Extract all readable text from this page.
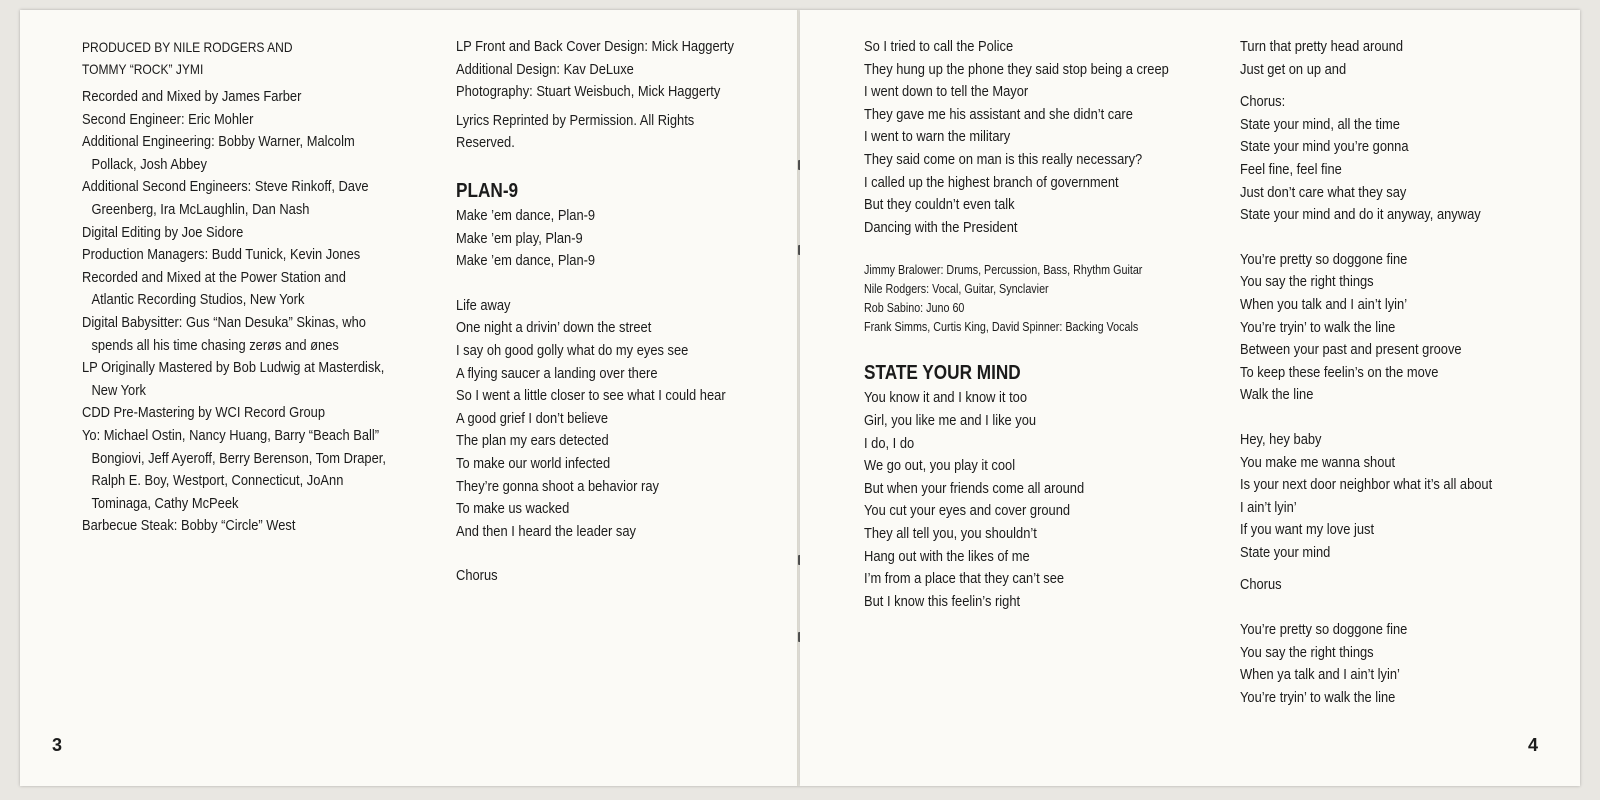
PRODUCED BY NILE RODGERS AND

TOMMY “ROCK” JYMI

Recorded and Mixed by James Farber

Second Engineer: Eric Mohler

Additional Engineering: Bobby Warner, Malcolm Pollack, Josh Abbey

Additional Second Engineers: Steve Rinkoff, Dave Greenberg, Ira McLaughlin, Dan Nash

Digital Editing by Joe Sidore

Production Managers: Budd Tunick, Kevin Jones

Recorded and Mixed at the Power Station and Atlantic Recording Studios, New York

Digital Babysitter: Gus “Nan Desuka” Skinas, who spends all his time chasing zerøs and ønes

LP Originally Mastered by Bob Ludwig at Masterdisk, New York

CDD Pre-Mastering by WCI Record Group

Yo: Michael Ostin, Nancy Huang, Barry “Beach Ball” Bongiovi, Jeff Ayeroff, Berry Berenson, Tom Draper, Ralph E. Boy, Westport, Connecticut, JoAnn Tominaga, Cathy McPeek

Barbecue Steak: Bobby “Circle” West

LP Front and Back Cover Design: Mick Haggerty

Additional Design: Kav DeLuxe

Photography: Stuart Weisbuch, Mick Haggerty

Lyrics Reprinted by Permission. All Rights Reserved.

PLAN-9

Make ’em dance, Plan-9

Make ’em play, Plan-9

Make ’em dance, Plan-9

Life away

One night a drivin’ down the street

I say oh good golly what do my eyes see

A flying saucer a landing over there

So I went a little closer to see what I could hear

A good grief I don’t believe

The plan my ears detected

To make our world infected

They’re gonna shoot a behavior ray

To make us wacked

And then I heard the leader say

Chorus

3

So I tried to call the Police

They hung up the phone they said stop being a creep

I went down to tell the Mayor

They gave me his assistant and she didn’t care

I went to warn the military

They said come on man is this really necessary?

I called up the highest branch of government

But they couldn’t even talk

Dancing with the President

Jimmy Bralower: Drums, Percussion, Bass, Rhythm Guitar

Nile Rodgers: Vocal, Guitar, Synclavier

Rob Sabino: Juno 60

Frank Simms, Curtis King, David Spinner: Backing Vocals

STATE YOUR MIND

You know it and I know it too

Girl, you like me and I like you

I do, I do

We go out, you play it cool

But when your friends come all around

You cut your eyes and cover ground

They all tell you, you shouldn’t

Hang out with the likes of me

I’m from a place that they can’t see

But I know this feelin’s right

Turn that pretty head around

Just get on up and

Chorus:

State your mind, all the time

State your mind you’re gonna

Feel fine, feel fine

Just don’t care what they say

State your mind and do it anyway, anyway

You’re pretty so doggone fine

You say the right things

When you talk and I ain’t lyin’

You’re tryin’ to walk the line

Between your past and present groove

To keep these feelin’s on the move

Walk the line

Hey, hey baby

You make me wanna shout

Is your next door neighbor what it’s all about

I ain’t lyin’

If you want my love just

State your mind

Chorus

You’re pretty so doggone fine

You say the right things

When ya talk and I ain’t lyin’

You’re tryin’ to walk the line

4
